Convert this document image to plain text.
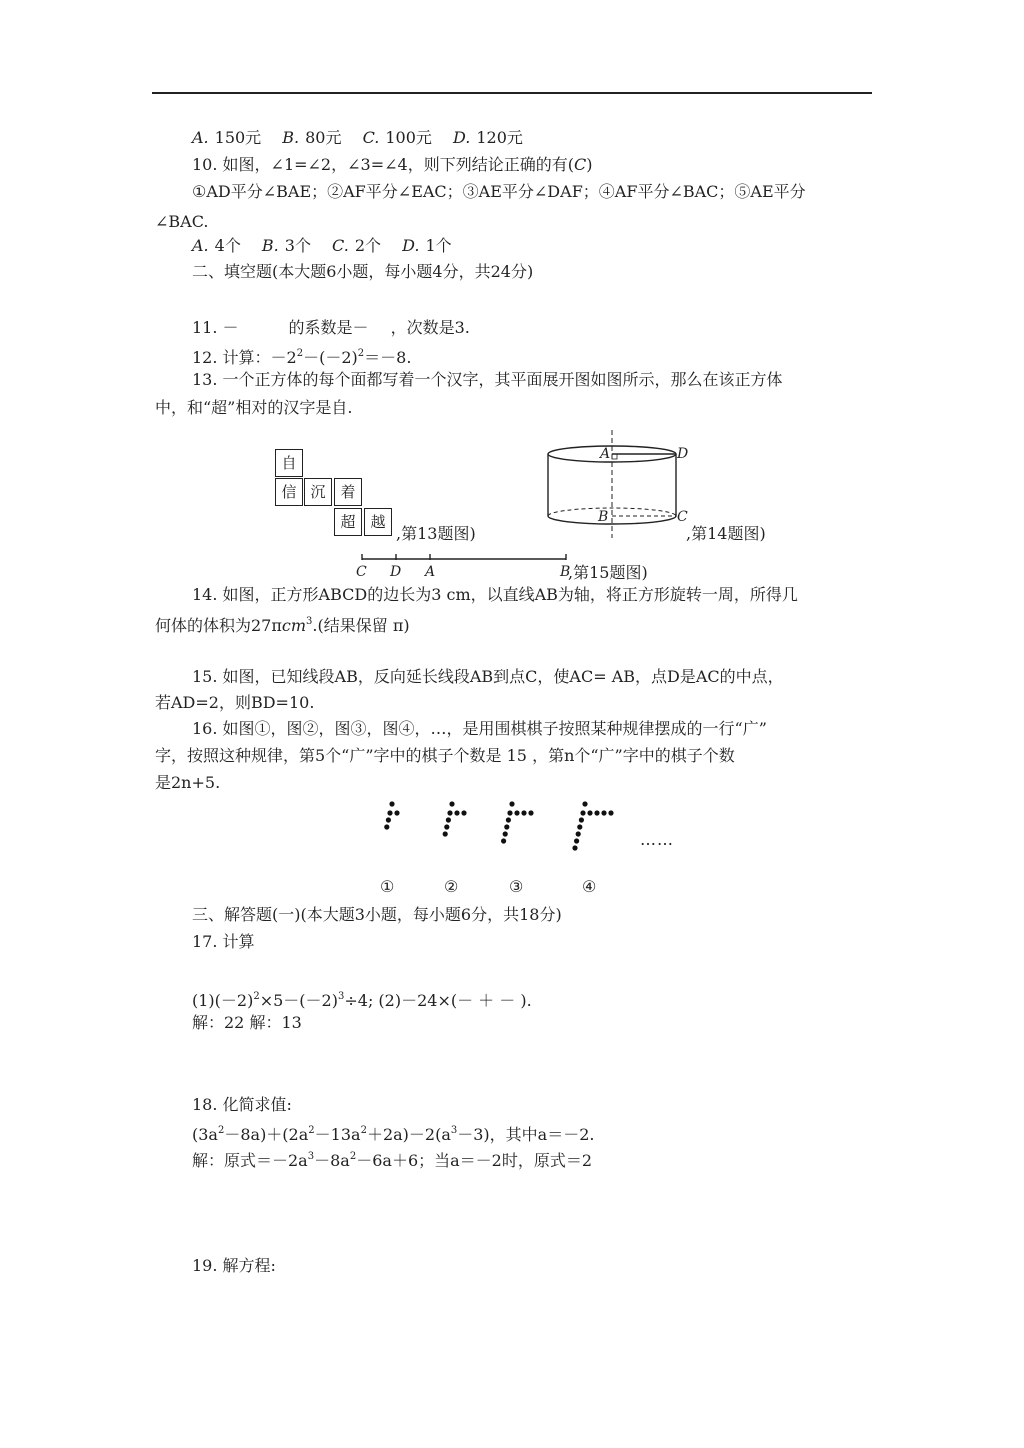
A. 150元 B. 80元 C. 100元 D. 120元
10. 如图，∠1=∠2，∠3=∠4，则下列结论正确的有(C)
①AD平分∠BAE；②AF平分∠EAC；③AE平分∠DAF；④AF平分∠BAC；⑤AE平分
∠BAC.
A. 4个 B. 3个 C. 2个 D. 1个
二、填空题(本大题6小题，每小题4分，共24分)
11. －	的系数是－ ，次数是3.
12. 计算：$-2^2-(-2)^2=-8$.
13. 一个正方体的每个面都写着一个汉字，其平面展开图如图所示，那么在该正方体
中，和“超”相对的汉字是自.
自
信 沉 着
超 越
,第13题图)
A	D
B	C
,第14题图)
C D A	B
,第15题图)
14. 如图，正方形ABCD的边长为3 cm，以直线AB为轴，将正方形旋转一周，所得几
何体的体积为27πcm$^3$.(结果保留 π)
15. 如图，已知线段AB，反向延长线段AB到点C，使AC= AB，点D是AC的中点，
若AD=2，则BD=10.
16. 如图①，图②，图③，图④，…，是用围棋棋子按照某种规律摆成的一行“广”
字，按照这种规律，第5个“广”字中的棋子个数是 15 ，第n个“广”字中的棋子个数
是2n+5.
……
①	②	③	④
三、解答题(一)(本大题3小题，每小题6分，共18分)
17. 计算
$(1)(-2)^2\times 5-(-2)^3\div 4$; (2)－24×(－ ＋ － ).
解：22 解：13
18. 化简求值:
$(3a^2-8a)+(2a^2-13a^2+2a)-2(a^3-3)$，其中a＝－2.
解：原式$=-2a^3-8a^2-6a+6$；当a＝－2时，原式＝2
19. 解方程:
